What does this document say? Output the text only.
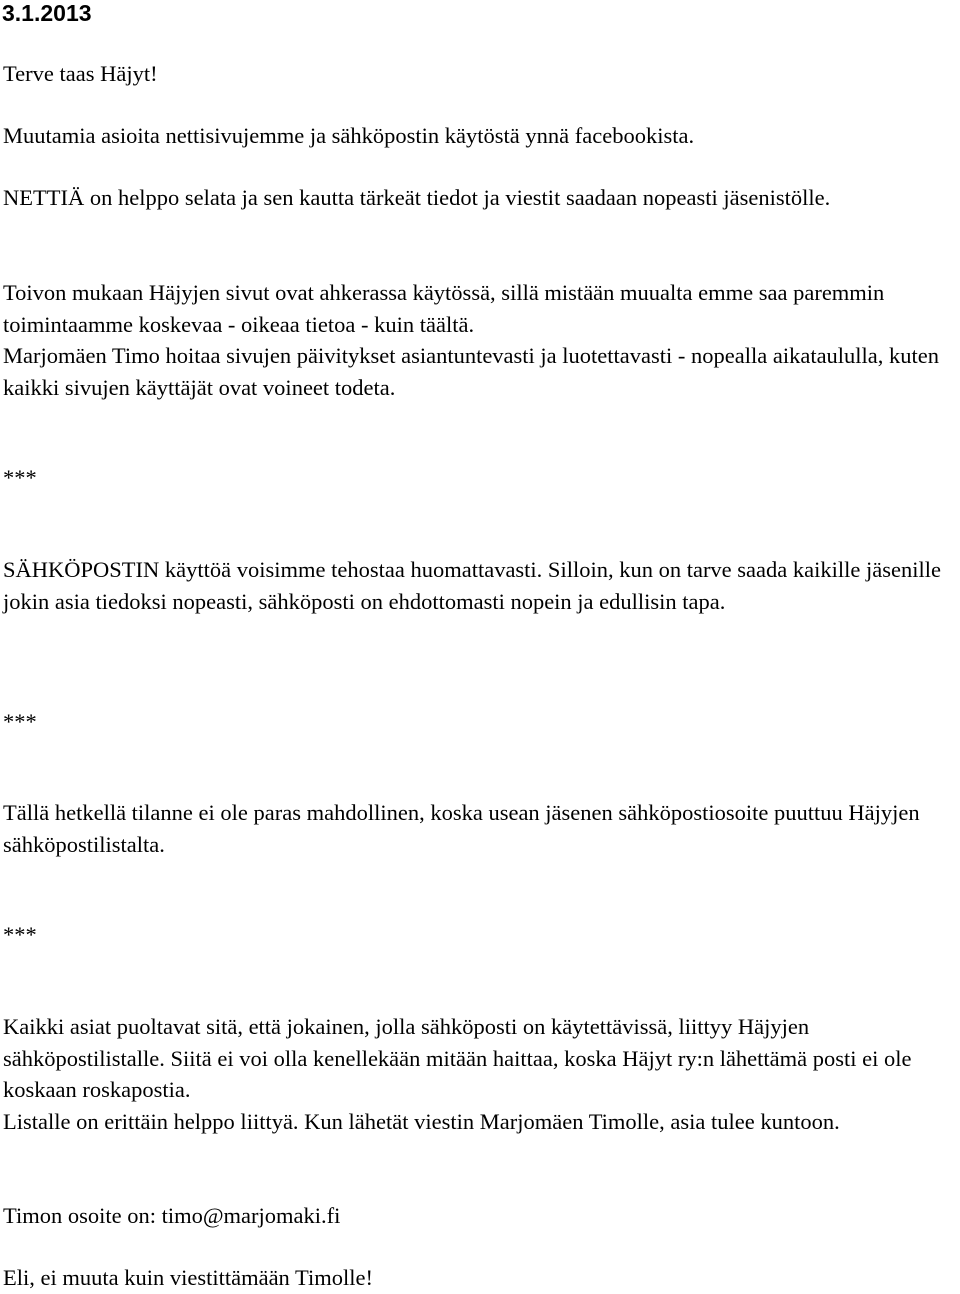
3.1.2013

Terve taas Häjyt!

Muutamia asioita nettisivujemme ja sähköpostin käytöstä ynnä facebookista.

NETTIÄ on helppo selata ja sen kautta tärkeät tiedot ja viestit saadaan nopeasti jäsenistölle.

Toivon mukaan Häjyjen sivut ovat ahkerassa käytössä, sillä mistään muualta emme saa paremmin toimintaamme koskevaa - oikeaa tietoa - kuin täältä.
Marjomäen Timo hoitaa sivujen päivitykset asiantuntevasti ja luotettavasti - nopealla aikataululla, kuten kaikki sivujen käyttäjät ovat voineet todeta.

***

SÄHKÖPOSTIN käyttöä voisimme tehostaa huomattavasti. Silloin, kun on tarve saada kaikille jäsenille jokin asia tiedoksi nopeasti, sähköposti on ehdottomasti nopein ja edullisin tapa.

***

Tällä hetkellä tilanne ei ole paras mahdollinen, koska usean jäsenen sähköpostiosoite puuttuu Häjyjen sähköpostilistalta.

***

Kaikki asiat puoltavat sitä, että jokainen, jolla sähköposti on käytettävissä, liittyy Häjyjen sähköpostilistalle. Siitä ei voi olla kenellekään mitään haittaa, koska Häjyt ry:n lähettämä posti ei ole koskaan roskapostia.
Listalle on erittäin helppo liittyä. Kun lähetät viestin Marjomäen Timolle, asia tulee kuntoon.

Timon osoite on: timo@marjomaki.fi

Eli, ei muuta kuin viestittämään Timolle!
